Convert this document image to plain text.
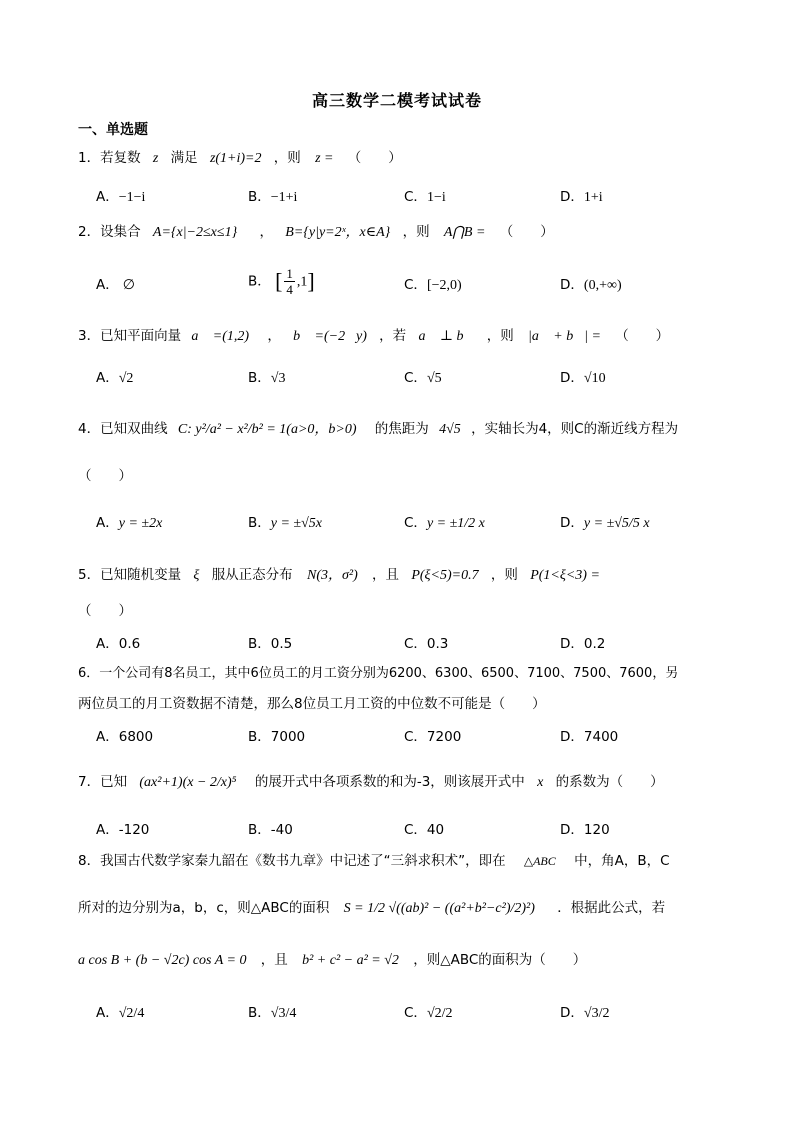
高三数学二模考试试卷
一、单选题
1．若复数 z 满足 z(1+i)=2 ，则 z = （　　）
A．−1−i	B．−1+i	C．1−i	D．1+i
2．设集合 A={x|−2≤x≤1} ， B={y|y=2ˣ，x∈A} ，则 A⋂B = （　　）
A． ∅	B． [ $\frac{1}{4} ,1$]	C．[−2,0)	D．(0,+∞)
3．已知平面向量 a⃗ =(1,2) ， b⃗ =(−2，y) ，若 a⃗ ⊥ b⃗ ，则 |a⃗ + b⃗| = （　　）
A．√2	B．√3	C．√5	D．√10
4．已知双曲线 C: y²/a² − x²/b² = 1(a>0，b>0) 的焦距为 4√5 ，实轴长为4，则C的渐近线方程为
（　　）
A．y = ±2x	B．y = ±√5x	C．y = ±1/2 x	D．y = ±√5/5 x
5．已知随机变量 ξ 服从正态分布 N(3，σ²) ，且 P(ξ<5)=0.7 ，则 P(1<ξ<3) =
（　　）
A．0.6	B．0.5	C．0.3	D．0.2
6．一个公司有8名员工，其中6位员工的月工资分别为6200、6300、6500、7100、7500、7600，另
两位员工的月工资数据不清楚，那么8位员工月工资的中位数不可能是（　　）
A．6800	B．7000	C．7200	D．7400
7．已知 (ax²+1)(x − 2/x)⁵ 的展开式中各项系数的和为-3，则该展开式中 x 的系数为（　　）
A．-120	B．-40	C．40	D．120
8．我国古代数学家秦九韶在《数书九章》中记述了“三斜求积术”，即在 △ABC 中，角A，B，C
所对的边分别为a，b，c，则△ABC的面积 S = 1/2 √((ab)² − ((a²+b²−c²)/2)²) ．根据此公式，若
a cos B + (b − √2c) cos A = 0 ，且 b² + c² − a² = √2 ，则△ABC的面积为（　　）
A．√2/4	B．√3/4	C．√2/2	D．√3/2
